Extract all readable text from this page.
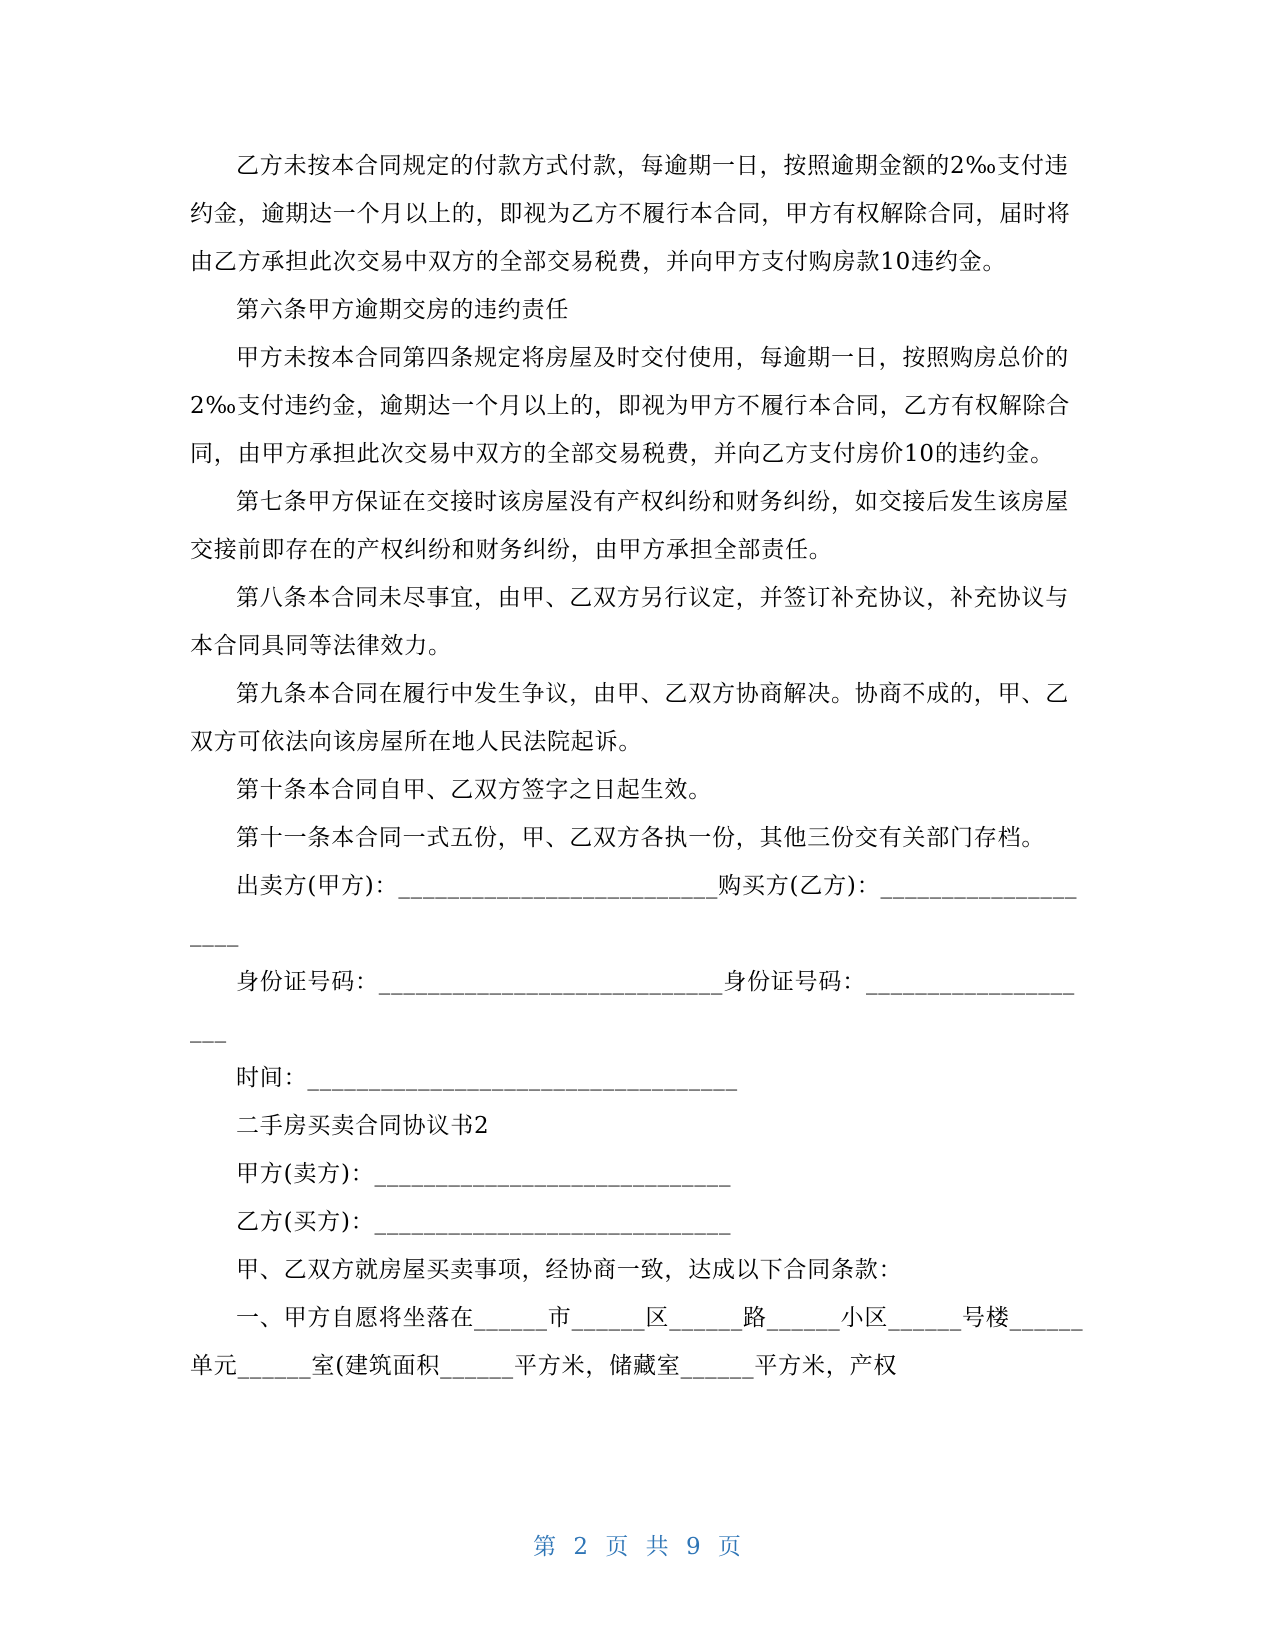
乙方未按本合同规定的付款方式付款，每逾期一日，按照逾期金额的2‰支付违约金，逾期达一个月以上的，即视为乙方不履行本合同，甲方有权解除合同，届时将由乙方承担此次交易中双方的全部交易税费，并向甲方支付购房款10违约金。

第六条甲方逾期交房的违约责任

甲方未按本合同第四条规定将房屋及时交付使用，每逾期一日，按照购房总价的2‰支付违约金，逾期达一个月以上的，即视为甲方不履行本合同，乙方有权解除合同，由甲方承担此次交易中双方的全部交易税费，并向乙方支付房价10的违约金。

第七条甲方保证在交接时该房屋没有产权纠纷和财务纠纷，如交接后发生该房屋交接前即存在的产权纠纷和财务纠纷，由甲方承担全部责任。

第八条本合同未尽事宜，由甲、乙双方另行议定，并签订补充协议，补充协议与本合同具同等法律效力。

第九条本合同在履行中发生争议，由甲、乙双方协商解决。协商不成的，甲、乙双方可依法向该房屋所在地人民法院起诉。

第十条本合同自甲、乙双方签字之日起生效。

第十一条本合同一式五份，甲、乙双方各执一份，其他三份交有关部门存档。

出卖方(甲方)：__________________________购买方(乙方)：____________________

身份证号码：____________________________身份证号码：____________________

时间：___________________________________

二手房买卖合同协议书2

甲方(卖方)：_____________________________

乙方(买方)：_____________________________

甲、乙双方就房屋买卖事项，经协商一致，达成以下合同条款：

一、甲方自愿将坐落在______市______区______路______小区______号楼______单元______室(建筑面积______平方米，储藏室______平方米，产权

第 2 页 共 9 页
